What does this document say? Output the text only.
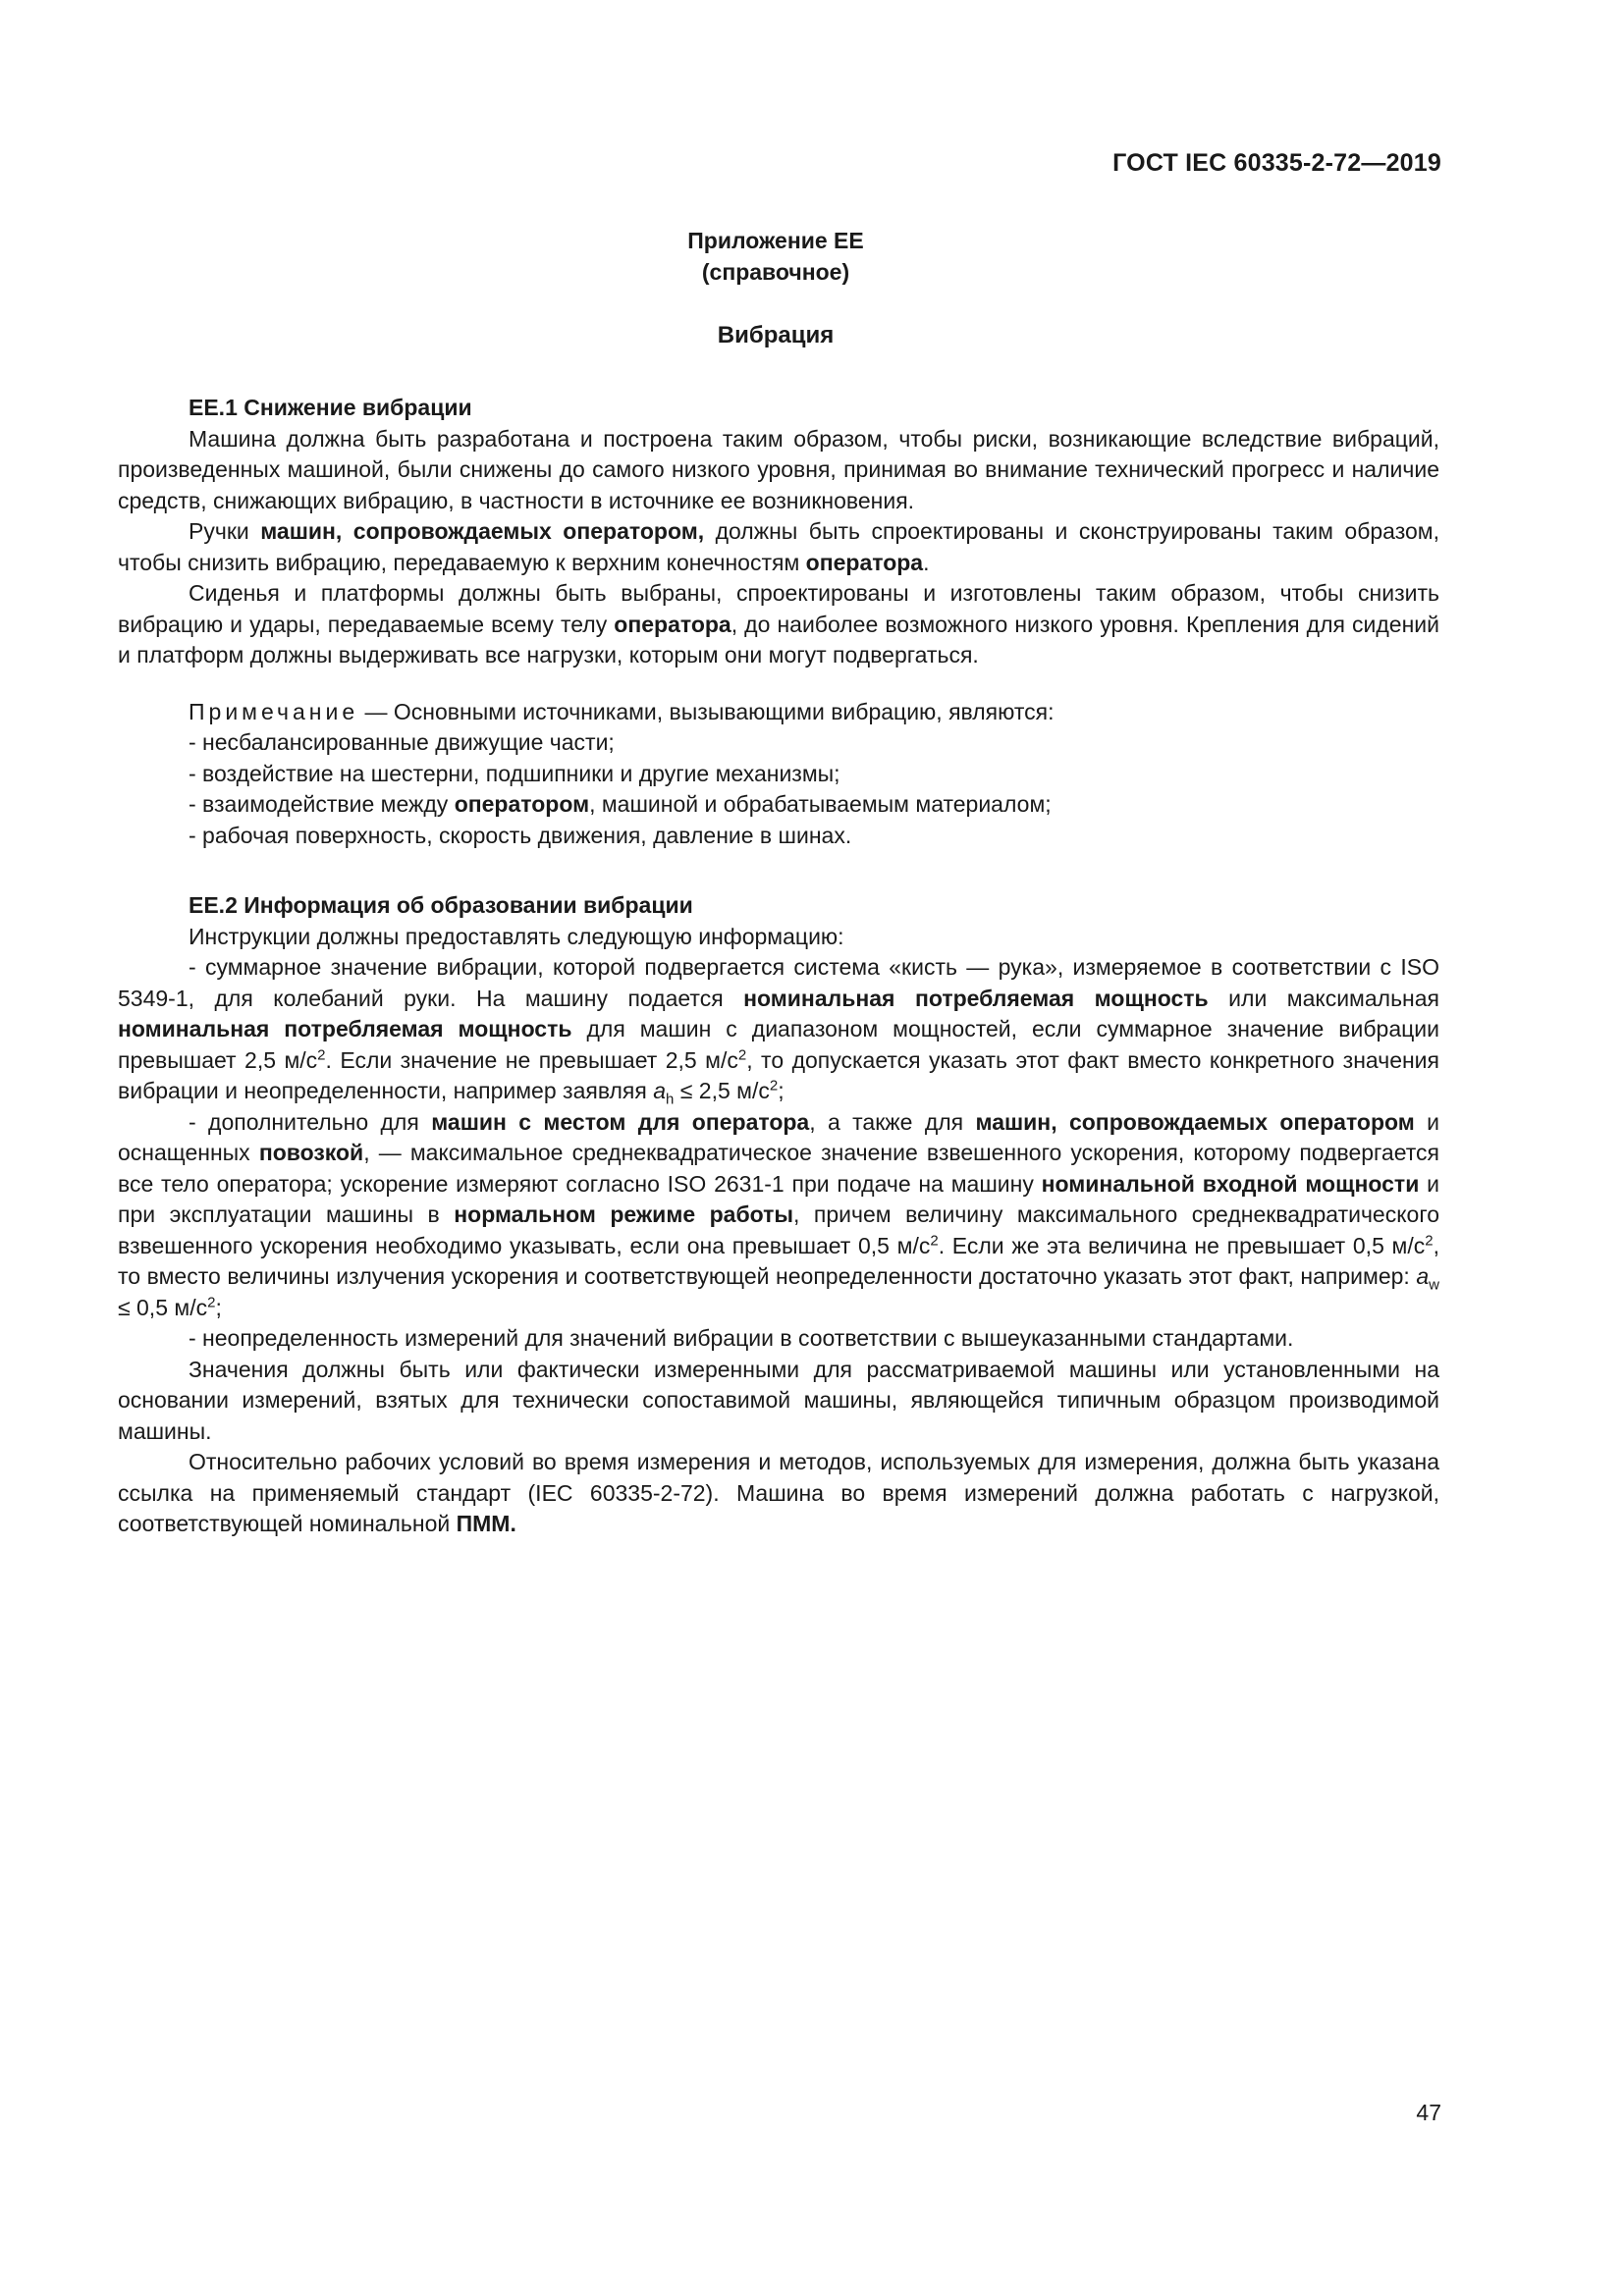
ГОСТ IEC 60335-2-72—2019
Приложение EE
(справочное)
Вибрация

EE.1 Снижение вибрации

Машина должна быть разработана и построена таким образом, чтобы риски, возникающие вследствие вибраций, произведенных машиной, были снижены до самого низкого уровня, принимая во внимание технический прогресс и наличие средств, снижающих вибрацию, в частности в источнике ее возникновения.

Ручки машин, сопровождаемых оператором, должны быть спроектированы и сконструированы таким образом, чтобы снизить вибрацию, передаваемую к верхним конечностям оператора.

Сиденья и платформы должны быть выбраны, спроектированы и изготовлены таким образом, чтобы снизить вибрацию и удары, передаваемые всему телу оператора, до наиболее возможного низкого уровня. Крепления для сидений и платформ должны выдерживать все нагрузки, которым они могут подвергаться.

Примечание — Основными источниками, вызывающими вибрацию, являются:

- несбалансированные движущие части;

- воздействие на шестерни, подшипники и другие механизмы;

- взаимодействие между оператором, машиной и обрабатываемым материалом;

- рабочая поверхность, скорость движения, давление в шинах.

EE.2 Информация об образовании вибрации

Инструкции должны предоставлять следующую информацию:

- суммарное значение вибрации, которой подвергается система «кисть — рука», измеряемое в соответствии с ISO 5349-1, для колебаний руки. На машину подается номинальная потребляемая мощность или максимальная номинальная потребляемая мощность для машин с диапазоном мощностей, если суммарное значение вибрации превышает 2,5 $м/с^2$. Если значение не превышает 2,5 $м/с^2$, то допускается указать этот факт вместо конкретного значения вибрации и неопределенности, например заявляя $a_h \le 2,5$ $м/с^2$;

- дополнительно для машин с местом для оператора, а также для машин, сопровождаемых оператором и оснащенных повозкой, — максимальное среднеквадратическое значение взвешенного ускорения, которому подвергается все тело оператора; ускорение измеряют согласно ISO 2631-1 при подаче на машину номинальной входной мощности и при эксплуатации машины в нормальном режиме работы, причем величину максимального среднеквадратического взвешенного ускорения необходимо указывать, если она превышает 0,5 $м/с^2$. Если же эта величина не превышает 0,5 $м/с^2$, то вместо величины излучения ускорения и соответствующей неопределенности достаточно указать этот факт, например: $a_w \le 0,5$ $м/с^2$;

- неопределенность измерений для значений вибрации в соответствии с вышеуказанными стандартами.

Значения должны быть или фактически измеренными для рассматриваемой машины или установленными на основании измерений, взятых для технически сопоставимой машины, являющейся типичным образцом производимой машины.

Относительно рабочих условий во время измерения и методов, используемых для измерения, должна быть указана ссылка на применяемый стандарт (IEC 60335-2-72). Машина во время измерений должна работать с нагрузкой, соответствующей номинальной ПММ.

47
